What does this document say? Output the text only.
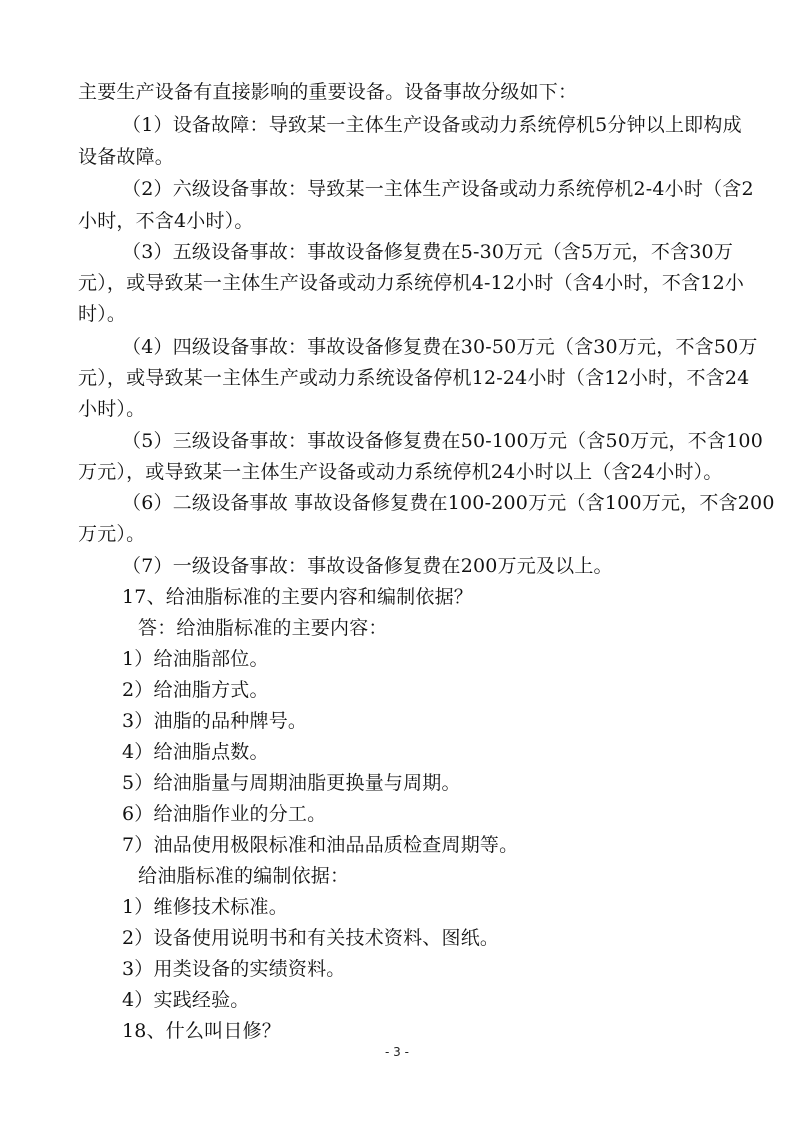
主要生产设备有直接影响的重要设备。设备事故分级如下：
（1）设备故障：导致某一主体生产设备或动力系统停机5分钟以上即构成
设备故障。
（2）六级设备事故：导致某一主体生产设备或动力系统停机2-4小时（含2
小时，不含4小时）。
（3）五级设备事故：事故设备修复费在5-30万元（含5万元，不含30万
元），或导致某一主体生产设备或动力系统停机4-12小时（含4小时，不含12小
时）。
（4）四级设备事故：事故设备修复费在30-50万元（含30万元，不含50万
元），或导致某一主体生产或动力系统设备停机12-24小时（含12小时，不含24
小时）。
（5）三级设备事故：事故设备修复费在50-100万元（含50万元，不含100
万元），或导致某一主体生产设备或动力系统停机24小时以上（含24小时）。
（6）二级设备事故 事故设备修复费在100-200万元（含100万元，不含200
万元）。
（7）一级设备事故：事故设备修复费在200万元及以上。
17、给油脂标准的主要内容和编制依据？
答：给油脂标准的主要内容：
1）给油脂部位。
2）给油脂方式。
3）油脂的品种牌号。
4）给油脂点数。
5）给油脂量与周期油脂更换量与周期。
6）给油脂作业的分工。
7）油品使用极限标准和油品品质检查周期等。
给油脂标准的编制依据：
1）维修技术标准。
2）设备使用说明书和有关技术资料、图纸。
3）用类设备的实绩资料。
4）实践经验。
18、什么叫日修？
- 3 -
